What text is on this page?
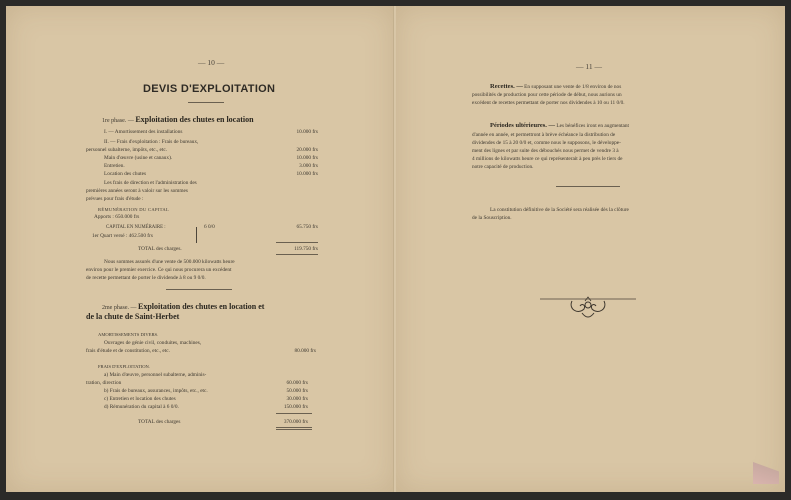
— 10 —
DEVIS D'EXPLOITATION
1re phase. — Exploitation des chutes en location
I. — Amortissement des installations	10.000 frs
II. — Frais d'exploitation : Frais de bureaux,
personnel subalterne, impôts, etc., etc.	20.000 frs
Main d'œuvre (usine et canaux).	10.000 frs
Entretien.	3.000 frs
Location des chutes	10.000 frs
Les frais de direction et l'administration des
premières années seront à valoir sur les sommes
prévues pour frais d'étude :
RÉMUNÉRATION DU CAPITAL
Apports : 650.000 frs
CAPITAL EN NUMÉRAIRE :	6 0/0	65.750 frs
1er Quart versé : 462.500 frs
TOTAL des charges.	119.750 frs
Nous sommes assurés d'une vente de 500.000 kilowatts heure
environ pour le premier exercice. Ce qui nous procurera un excédent
de recette permettant de porter le dividende à 8 ou 9 0/0.
2me phase. — Exploitation des chutes en location et
de la chute de Saint-Herbet
AMORTISSEMENTS DIVERS.
Ouvrages de génie civil, conduites, machines,
frais d'étude et de constitution, etc., etc.	80.000 frs
FRAIS D'EXPLOITATION.
a) Main d'œuvre, personnel subalterne, adminis-
tration, direction	60.000 frs
b) Frais de bureaux, assurances, impôts, etc., etc.	50.000 frs
c) Entretien et location des chutes	30.000 frs
d) Rémunération du capital à 6 0/0.	150.000 frs
TOTAL des charges	370.000 frs
— 11 —
Recettes. — En supposant une vente de 1/8 environ de nos
possibilités de production pour cette période de début, nous aurions un
excédent de recettes permettant de porter nos dividendes à 10 ou 11 0/0.
Périodes ultérieures. — Les bénéfices iront en augmentant
d'année en année, et permettront à brève échéance la distribution de
dividendes de 15 à 20 0/0 et, comme nous le supposons, le développe-
ment des lignes et par suite des débouchés nous permet de vendre 3 à
4 millions de kilowatts heure ce qui représenterait à peu près le tiers de
notre capacité de production.
La constitution définitive de la Société sera réalisée dès la clôture
de la Souscription.
